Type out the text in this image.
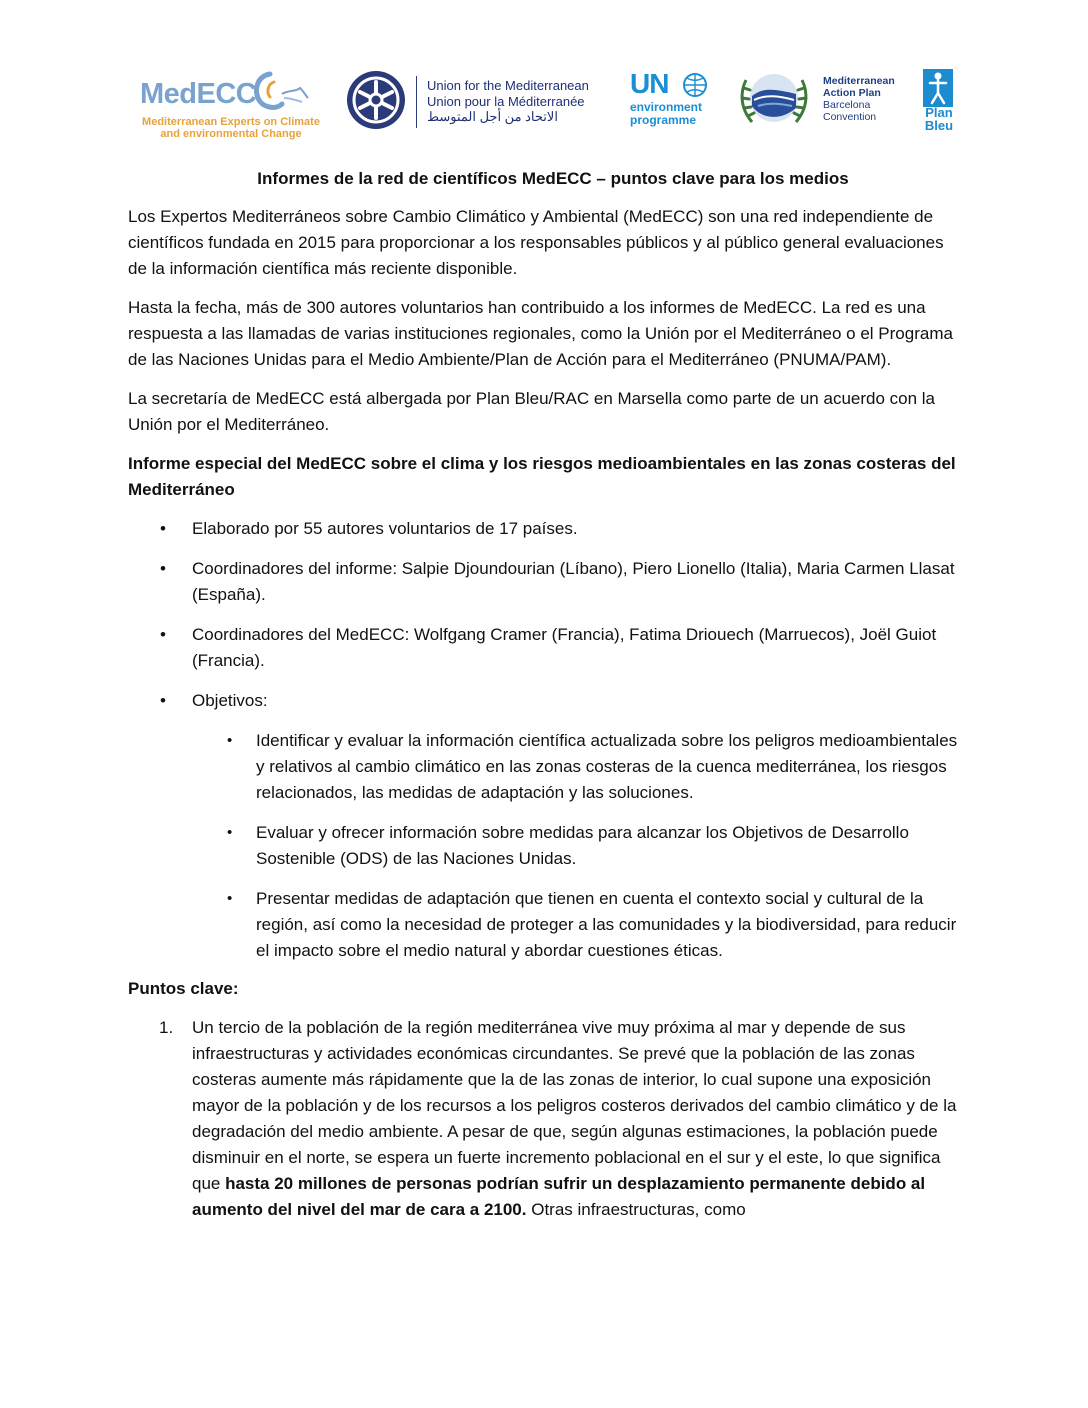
MedECC
Mediterranean Experts on Climate
and environmental Change
Union for the Mediterranean
Union pour la Méditerranée
الاتحاد من أجل المتوسط
UN
environment
programme
Mediterranean
Action Plan
Barcelona
Convention	Plan
Bleu
Informes de la red de científicos MedECC – puntos clave para los medios

Los Expertos Mediterráneos sobre Cambio Climático y Ambiental (MedECC) son una red independiente de científicos fundada en 2015 para proporcionar a los responsables públicos y al público general evaluaciones de la información científica más reciente disponible.

Hasta la fecha, más de 300 autores voluntarios han contribuido a los informes de MedECC. La red es una respuesta a las llamadas de varias instituciones regionales, como la Unión por el Mediterráneo o el Programa de las Naciones Unidas para el Medio Ambiente/Plan de Acción para el Mediterráneo (PNUMA/PAM).

La secretaría de MedECC está albergada por Plan Bleu/RAC en Marsella como parte de un acuerdo con la Unión por el Mediterráneo.

Informe especial del MedECC sobre el clima y los riesgos medioambientales en las zonas costeras del Mediterráneo
• Elaborado por 55 autores voluntarios de 17 países.
• Coordinadores del informe: Salpie Djoundourian (Líbano), Piero Lionello (Italia), Maria Carmen Llasat (España).
• Coordinadores del MedECC: Wolfgang Cramer (Francia), Fatima Driouech (Marruecos), Joël Guiot (Francia).
• Objetivos:
• Identificar y evaluar la información científica actualizada sobre los peligros medioambientales y relativos al cambio climático en las zonas costeras de la cuenca mediterránea, los riesgos relacionados, las medidas de adaptación y las soluciones.
• Evaluar y ofrecer información sobre medidas para alcanzar los Objetivos de Desarrollo Sostenible (ODS) de las Naciones Unidas.
• Presentar medidas de adaptación que tienen en cuenta el contexto social y cultural de la región, así como la necesidad de proteger a las comunidades y la biodiversidad, para reducir el impacto sobre el medio natural y abordar cuestiones éticas.
Puntos clave:
1. Un tercio de la población de la región mediterránea vive muy próxima al mar y depende de sus infraestructuras y actividades económicas circundantes. Se prevé que la población de las zonas costeras aumente más rápidamente que la de las zonas de interior, lo cual supone una exposición mayor de la población y de los recursos a los peligros costeros derivados del cambio climático y de la degradación del medio ambiente. A pesar de que, según algunas estimaciones, la población puede disminuir en el norte, se espera un fuerte incremento poblacional en el sur y el este, lo que significa que hasta 20 millones de personas podrían sufrir un desplazamiento permanente debido al aumento del nivel del mar de cara a 2100. Otras infraestructuras, como
